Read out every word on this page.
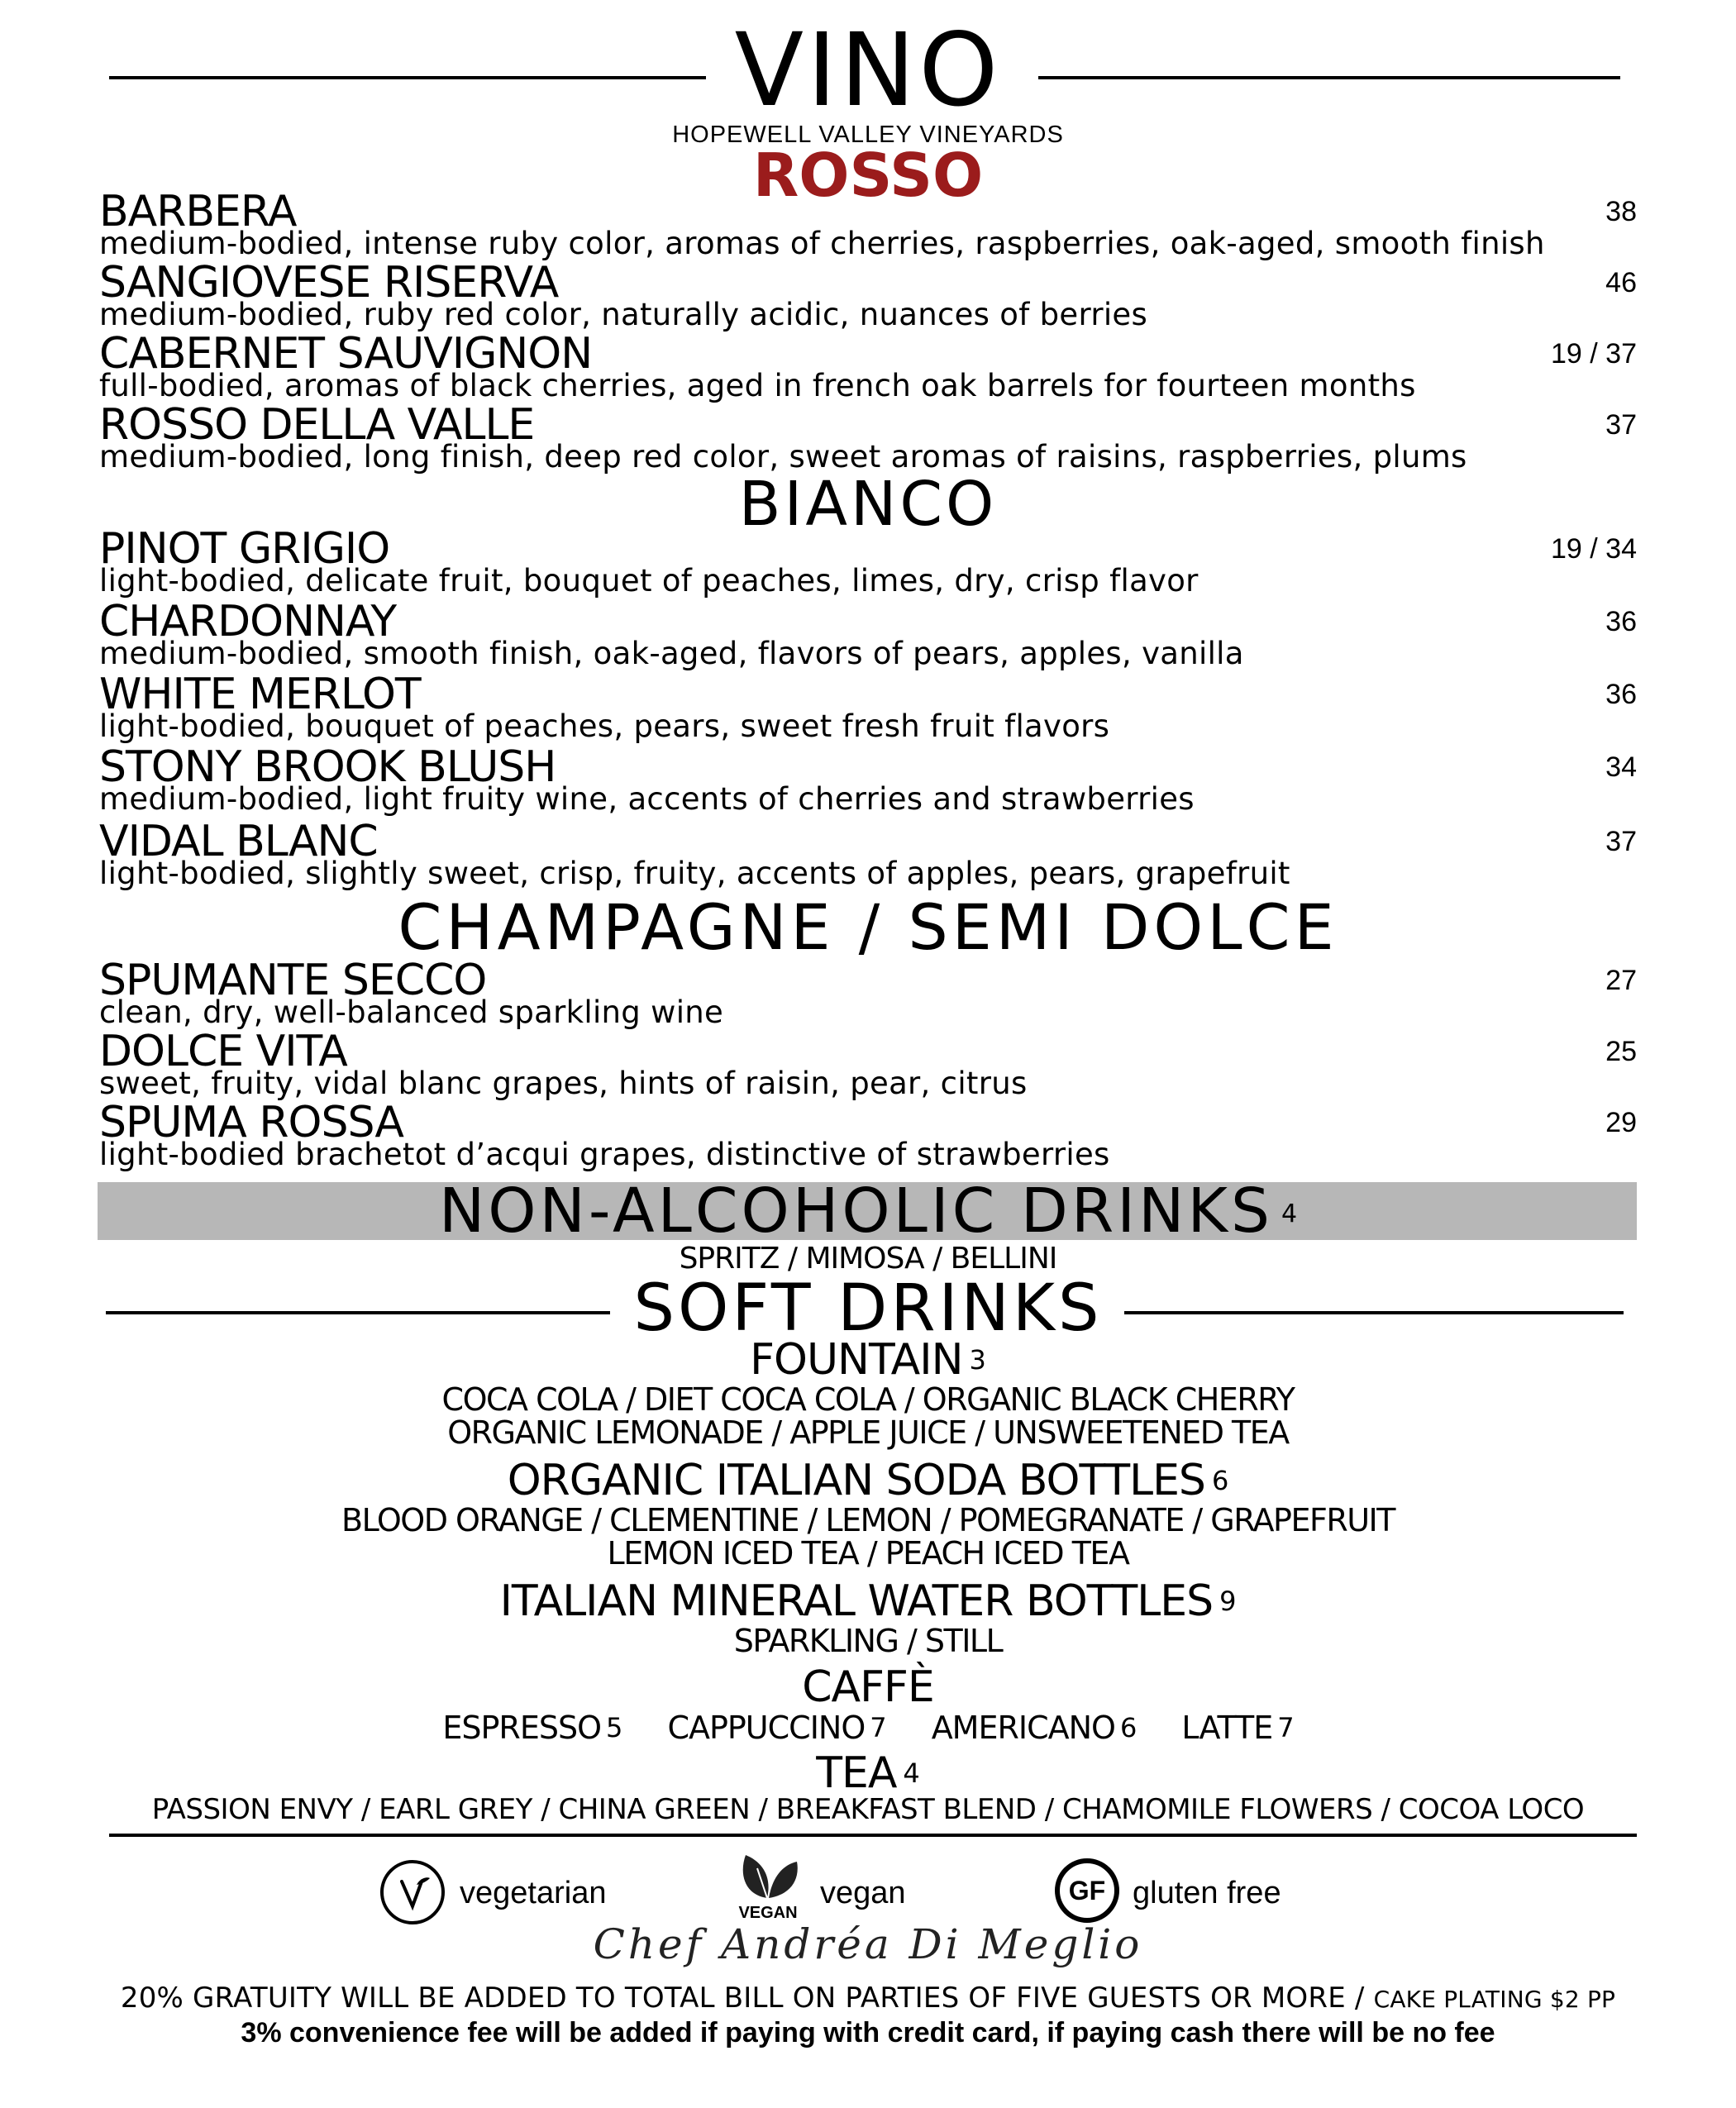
VINO
HOPEWELL VALLEY VINEYARDS
ROSSO
BARBERA
medium-bodied, intense ruby color, aromas of cherries, raspberries, oak-aged, smooth finish
38
SANGIOVESE RISERVA
medium-bodied, ruby red color, naturally acidic, nuances of berries
46
CABERNET SAUVIGNON
full-bodied, aromas of black cherries, aged in french oak barrels for fourteen months
19 / 37
ROSSO DELLA VALLE
medium-bodied, long finish, deep red color, sweet aromas of raisins, raspberries, plums
37
BIANCO
PINOT GRIGIO
light-bodied, delicate fruit, bouquet of peaches, limes, dry, crisp flavor
19 / 34
CHARDONNAY
medium-bodied, smooth finish, oak-aged, flavors of pears, apples, vanilla
36
WHITE MERLOT
light-bodied, bouquet of peaches, pears, sweet fresh fruit flavors
36
STONY BROOK BLUSH
medium-bodied, light fruity wine, accents of cherries and strawberries
34
VIDAL BLANC
light-bodied, slightly sweet, crisp, fruity, accents of apples, pears, grapefruit
37
CHAMPAGNE / SEMI DOLCE
SPUMANTE SECCO
clean, dry, well-balanced sparkling wine
27
DOLCE VITA
sweet, fruity, vidal blanc grapes, hints of raisin, pear, citrus
25
SPUMA ROSSA
light-bodied brachetot d’acqui grapes, distinctive of strawberries
29
NON-ALCOHOLIC DRINKS 4
SPRITZ / MIMOSA / BELLINI
SOFT DRINKS
FOUNTAIN $^3$
COCA COLA / DIET COCA COLA / ORGANIC BLACK CHERRY
ORGANIC LEMONADE / APPLE JUICE / UNSWEETENED TEA
ORGANIC ITALIAN SODA BOTTLES $^6$
BLOOD ORANGE / CLEMENTINE / LEMON / POMEGRANATE / GRAPEFRUIT
LEMON ICED TEA / PEACH ICED TEA
ITALIAN MINERAL WATER BOTTLES $^9$
SPARKLING / STILL
CAFFÈ
ESPRESSO $^5$ CAPPUCCINO $^7$ AMERICANO $^6$ LATTE $^7$
TEA $^4$
PASSION ENVY / EARL GREY / CHINA GREEN / BREAKFAST BLEND / CHAMOMILE FLOWERS / COCOA LOCO
vegetarian
VEGAN
vegan	GF gluten free
Chef Andréa Di Meglio
20% GRATUITY WILL BE ADDED TO TOTAL BILL ON PARTIES OF FIVE GUESTS OR MORE / CAKE PLATING $2 PP
3% convenience fee will be added if paying with credit card, if paying cash there will be no fee
